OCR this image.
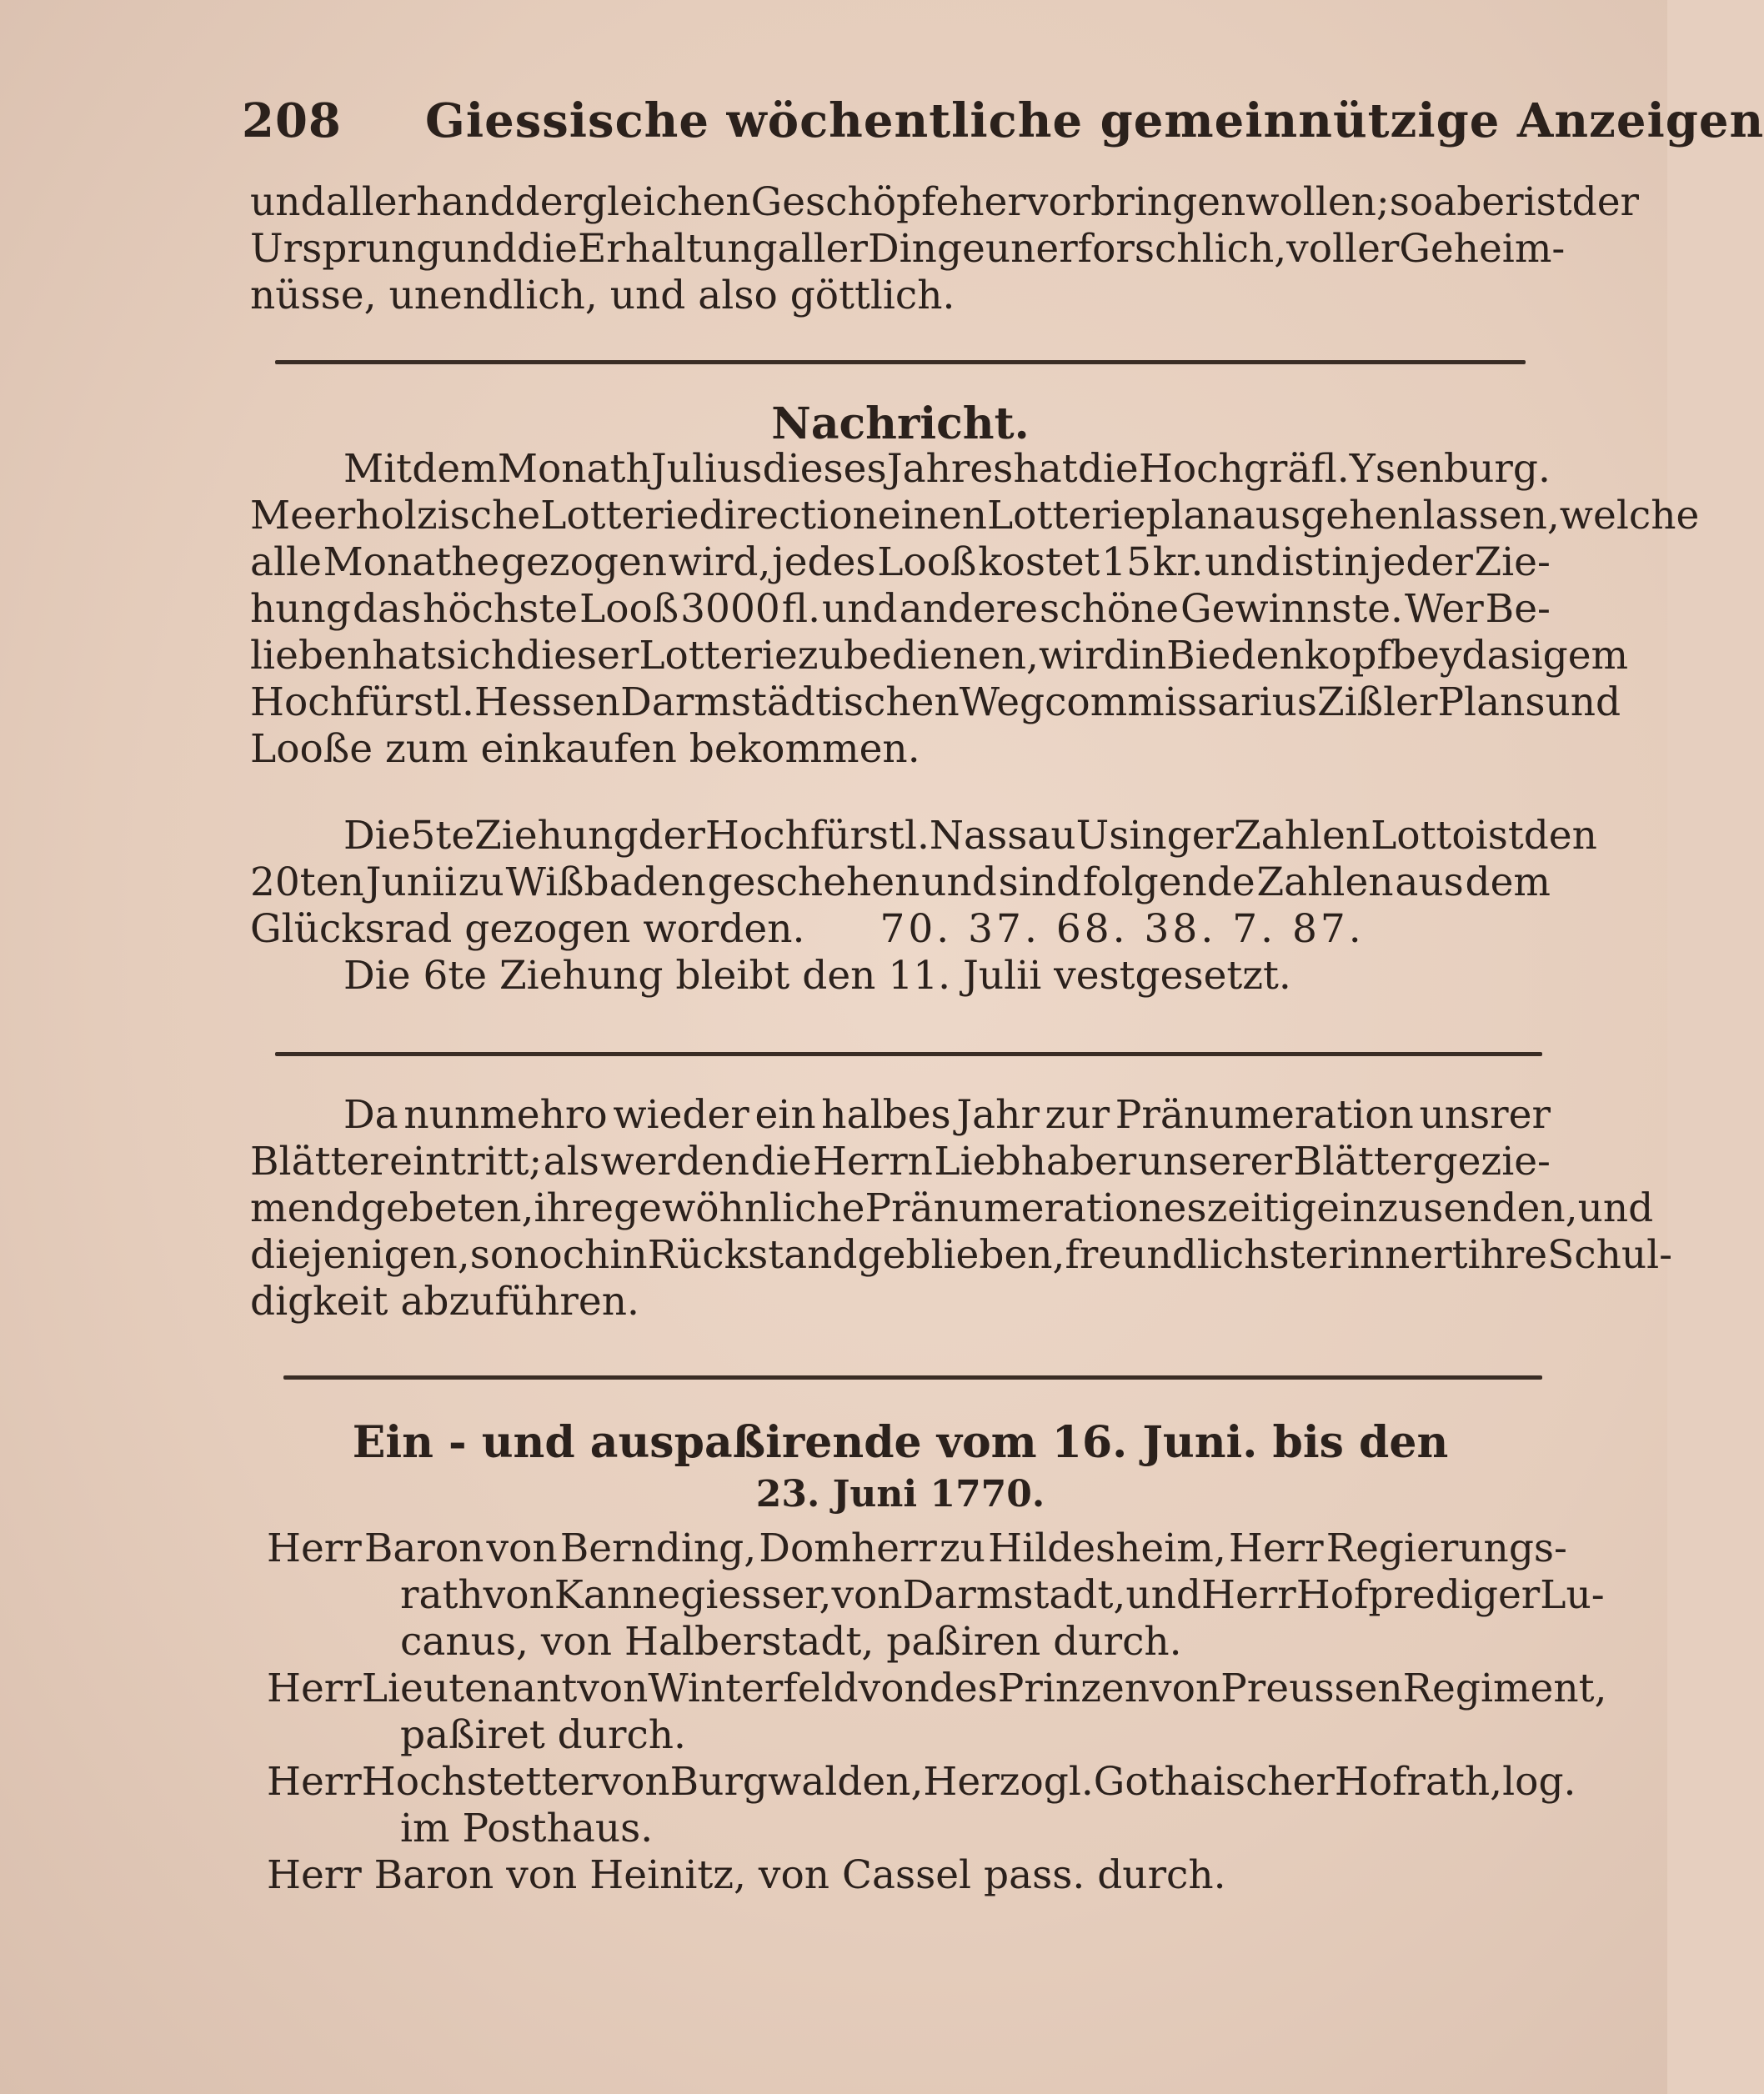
208 Giessische wöchentliche gemeinnützige Anzeigen
und allerhand dergleichen Geschöpfe hervorbringen wollen; so aber ist der
Ursprung und die Erhaltung aller Dinge unerforschlich, voller Geheim-
nüsse, unendlich, und also göttlich.
Nachricht.
Mit dem Monath Julius dieses Jahres hat die Hochgräfl. Ysenburg.
Meerholzische Lotteriedirection einen Lotterieplan ausgehen lassen, welche
alle Monathe gezogen wird, jedes Looß kostet 15 kr. und ist in jeder Zie-
hung das höchste Looß 3000 fl. und andere schöne Gewinnste. Wer Be-
lieben hat sich dieser Lotterie zu bedienen, wird in Biedenkopf bey dasigem
Hochfürstl. Hessen Darmstädtischen Wegcommissarius Zißler Plans und
Looße zum einkaufen bekommen.
Die 5te Ziehung der Hochfürstl. Nassau Usinger Zahlen Lotto ist den
20ten Junii zu Wißbaden geschehen und sind folgende Zahlen aus dem
Glücksrad gezogen worden.	70. 37. 68. 38. 7. 87.
Die 6te Ziehung bleibt den 11. Julii vestgesetzt.
Da nunmehro wieder ein halbes Jahr zur Pränumeration unsrer
Blätter eintritt; als werden die Herrn Liebhaber unserer Blätter gezie-
mend gebeten, ihre gewöhnliche Pränumerationes zeitig einzusenden, und
diejenigen, so noch in Rückstand geblieben, freundlichst erinnert ihre Schul-
digkeit abzuführen.
Ein - und auspaßirende vom 16. Juni. bis den
23. Juni 1770.
Herr Baron von Bernding, Domherr zu Hildesheim, Herr Regierungs-
rath von Kannegiesser, von Darmstadt, und Herr Hofprediger Lu-
canus, von Halberstadt, paßiren durch.
Herr Lieutenant von Winterfeld von des Prinzen von Preussen Regiment,
paßiret durch.
Herr Hochstetter von Burgwalden, Herzogl. Gothaischer Hofrath, log.
im Posthaus.
Herr Baron von Heinitz, von Cassel pass. durch.
